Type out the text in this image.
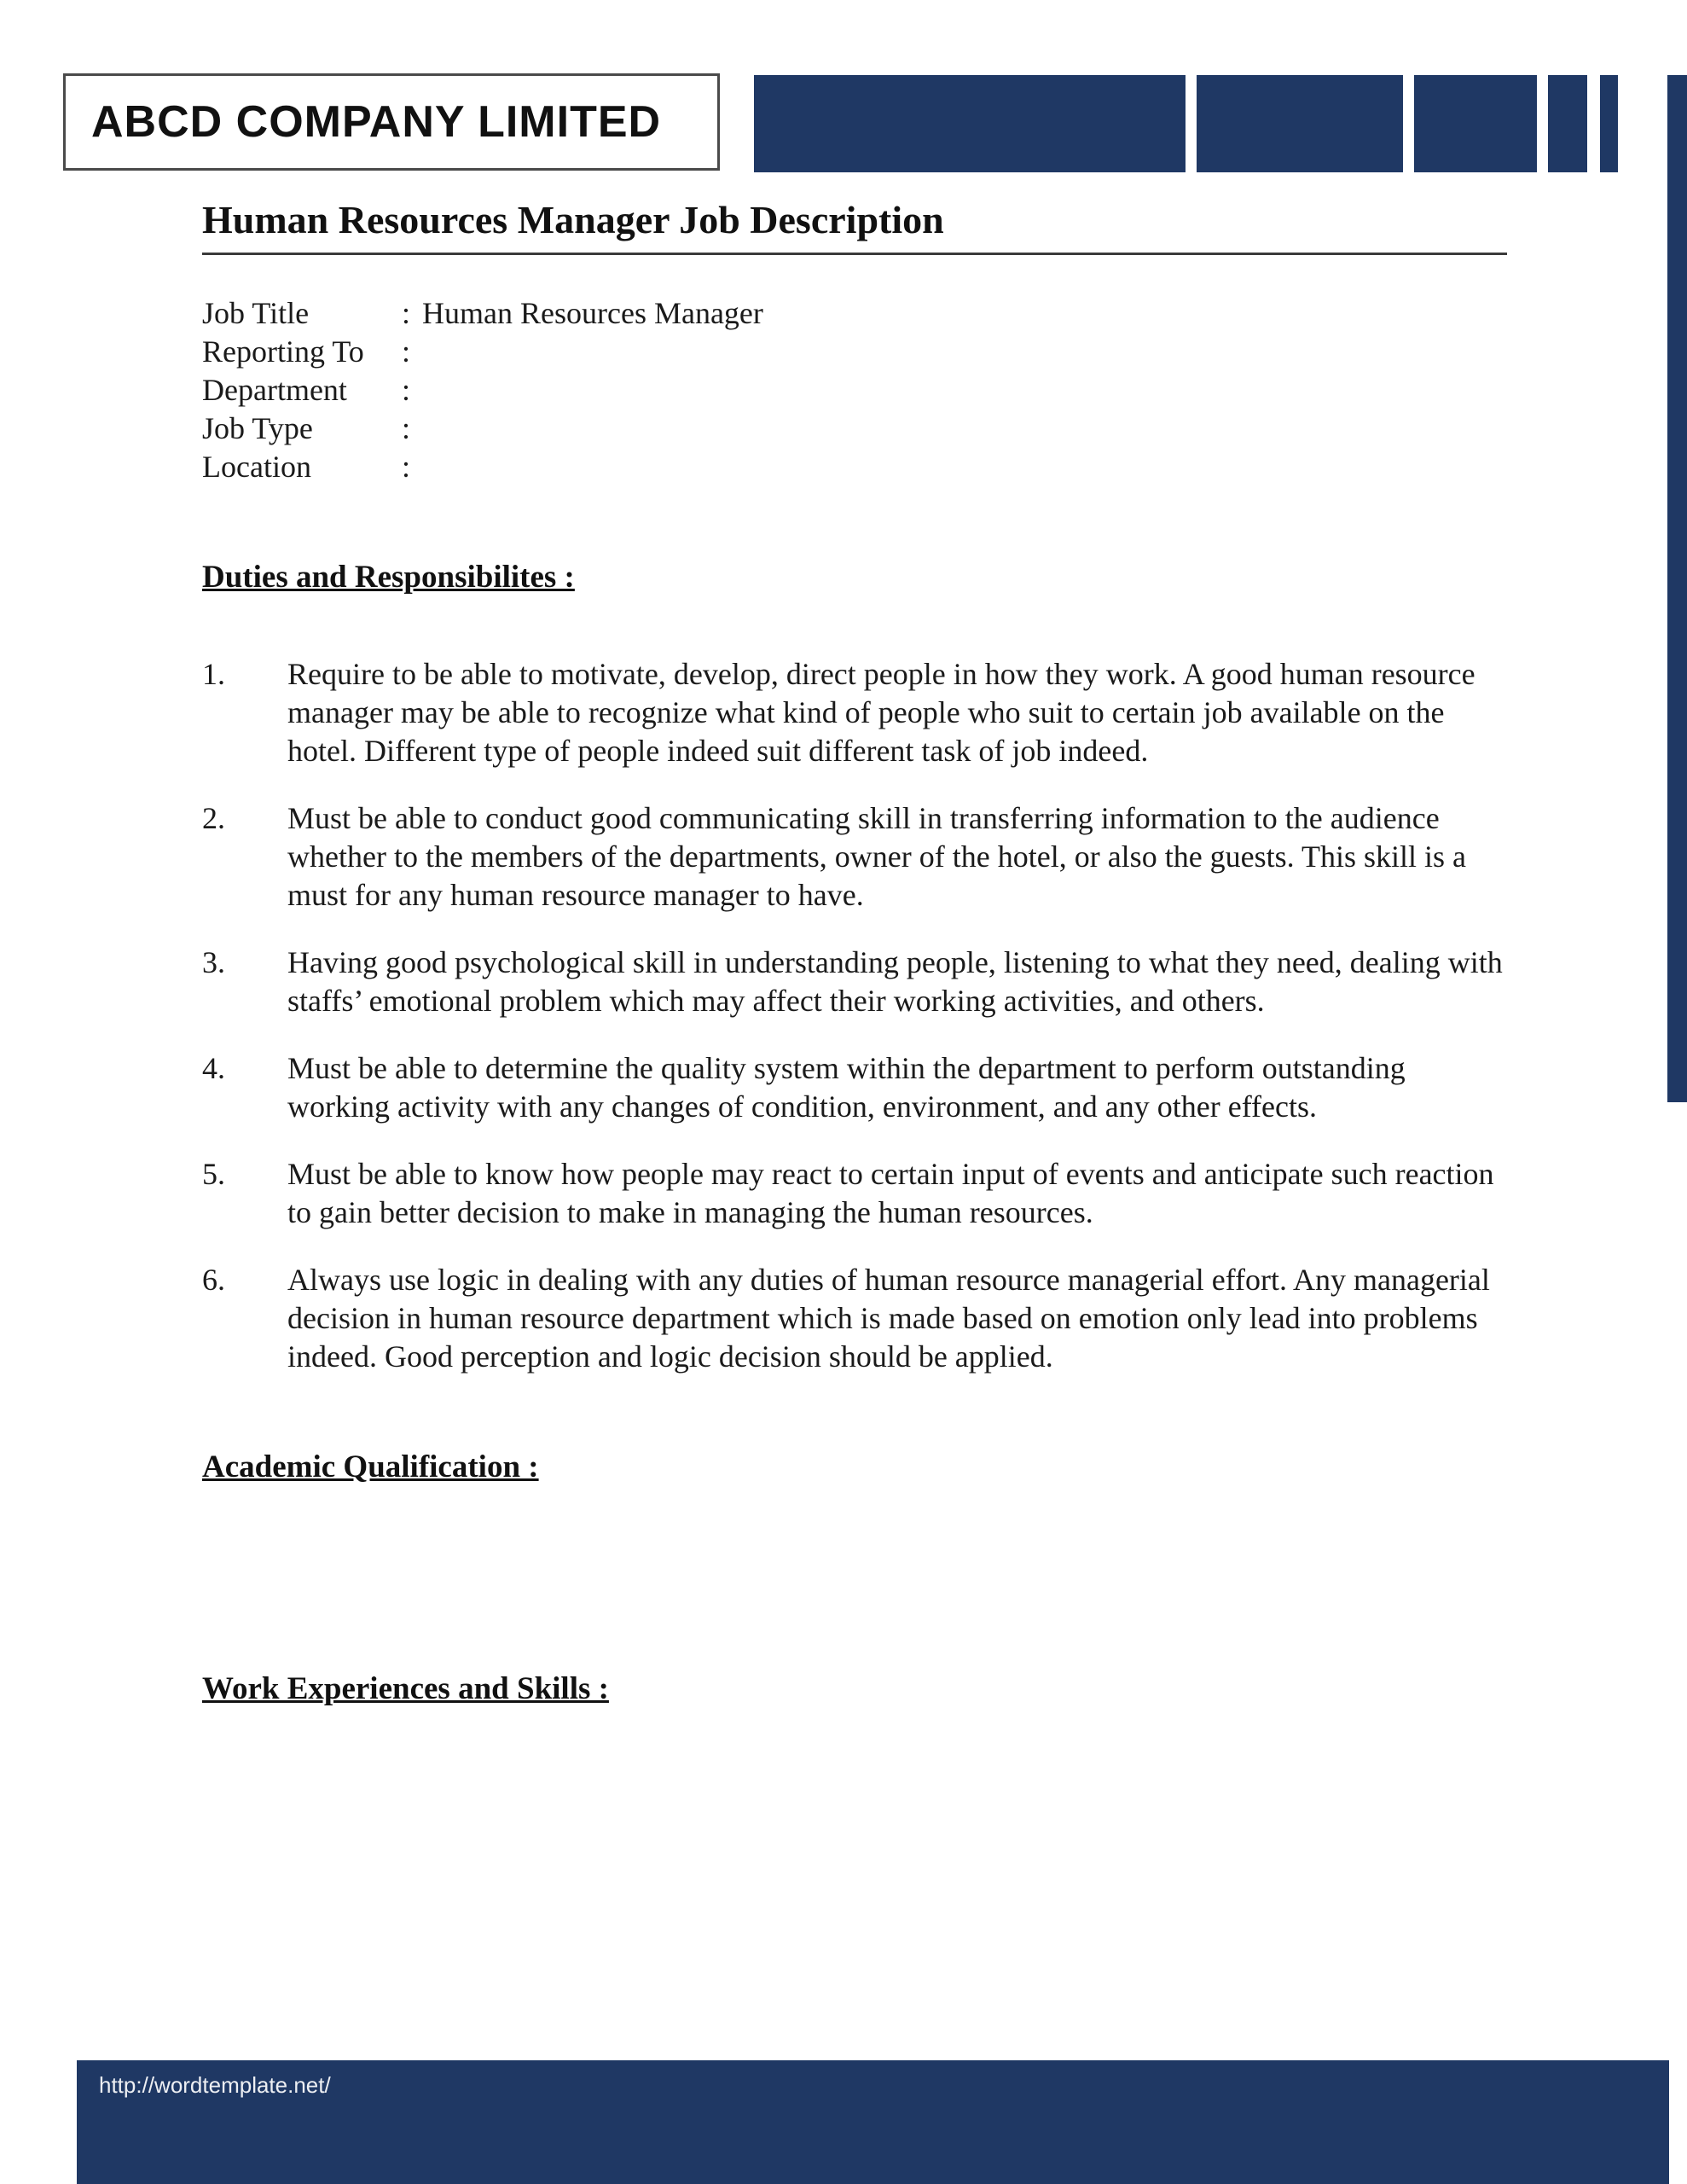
ABCD COMPANY LIMITED
Human Resources Manager Job Description
Job Title	: Human Resources Manager
Reporting To	:
Department	:
Job Type	:
Location	:
Duties and Responsibilites :
1.	Require to be able to motivate, develop, direct people in how they work. A good human resource manager may be able to recognize what kind of people who suit to certain job available on the hotel. Different type of people indeed suit different task of job indeed.
2.	Must be able to conduct good communicating skill in transferring information to the audience whether to the members of the departments, owner of the hotel, or also the guests. This skill is a must for any human resource manager to have.
3.	Having good psychological skill in understanding people, listening to what they need, dealing with staffs’ emotional problem which may affect their working activities, and others.
4.	Must be able to determine the quality system within the department to perform outstanding working activity with any changes of condition, environment, and any other effects.
5.	Must be able to know how people may react to certain input of events and anticipate such reaction to gain better decision to make in managing the human resources.
6.	Always use logic in dealing with any duties of human resource managerial effort. Any managerial decision in human resource department which is made based on emotion only lead into problems indeed. Good perception and logic decision should be applied.
Academic Qualification :
Work Experiences and Skills :
http://wordtemplate.net/
